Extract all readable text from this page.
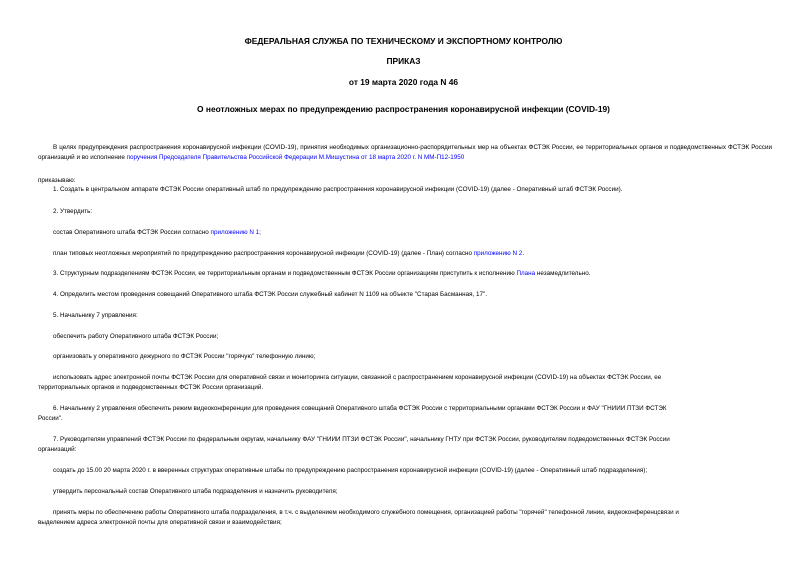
ФЕДЕРАЛЬНАЯ СЛУЖБА ПО ТЕХНИЧЕСКОМУ И ЭКСПОРТНОМУ КОНТРОЛЮ
ПРИКАЗ
от 19 марта 2020 года N 46
О неотложных мерах по предупреждению распространения коронавирусной инфекции (COVID-19)
В целях предупреждения распространения коронавирусной инфекции (COVID-19), принятия необходимых организационно-распорядительных мер на объектах ФСТЭК России, ее территориальных органов и подведомственных ФСТЭК России организаций и во исполнение поручения Председателя Правительства Российской Федерации М.Мишустина от 18 марта 2020 г. N ММ-П12-1950
приказываю:
1. Создать в центральном аппарате ФСТЭК России оперативный штаб по предупреждению распространения коронавирусной инфекции (COVID-19) (далее - Оперативный штаб ФСТЭК России).
2. Утвердить:
состав Оперативного штаба ФСТЭК России согласно приложению N 1;
план типовых неотложных мероприятий по предупреждению распространения коронавирусной инфекции (COVID-19) (далее - План) согласно приложению N 2.
3. Структурным подразделениям ФСТЭК России, ее территориальным органам и подведомственным ФСТЭК России организациям приступить к исполнению Плана незамедлительно.
4. Определить местом проведения совещаний Оперативного штаба ФСТЭК России служебный кабинет N 1109 на объекте "Старая Басманная, 17".
5. Начальнику 7 управления:
обеспечить работу Оперативного штаба ФСТЭК России;
организовать у оперативного дежурного по ФСТЭК России "горячую" телефонную линию;
использовать адрес электронной почты ФСТЭК России для оперативной связи и мониторинга ситуации, связанной с распространением коронавирусной инфекции (COVID-19) на объектах ФСТЭК России, ее
территориальных органов и подведомственных ФСТЭК России организаций.
6. Начальнику 2 управления обеспечить режим видеоконференции для проведения совещаний Оперативного штаба ФСТЭК России с территориальными органами ФСТЭК России и ФАУ "ГНИИИ ПТЗИ ФСТЭК
России".
7. Руководителям управлений ФСТЭК России по федеральным округам, начальнику ФАУ "ГНИИИ ПТЗИ ФСТЭК России", начальнику ГНТУ при ФСТЭК России, руководителям подведомственных ФСТЭК России
организаций:
создать до 15.00 20 марта 2020 г. в вверенных структурах оперативные штабы по предупреждению распространения коронавирусной инфекции (COVID-19) (далее - Оперативный штаб подразделения);
утвердить персональный состав Оперативного штаба подразделения и назначить руководителя;
принять меры по обеспечению работы Оперативного штаба подразделения, в т.ч. с выделением необходимого служебного помещения, организацией работы "горячей" телефонной линии, видеоконференцсвязи и
выделением адреса электронной почты для оперативной связи и взаимодействия;
